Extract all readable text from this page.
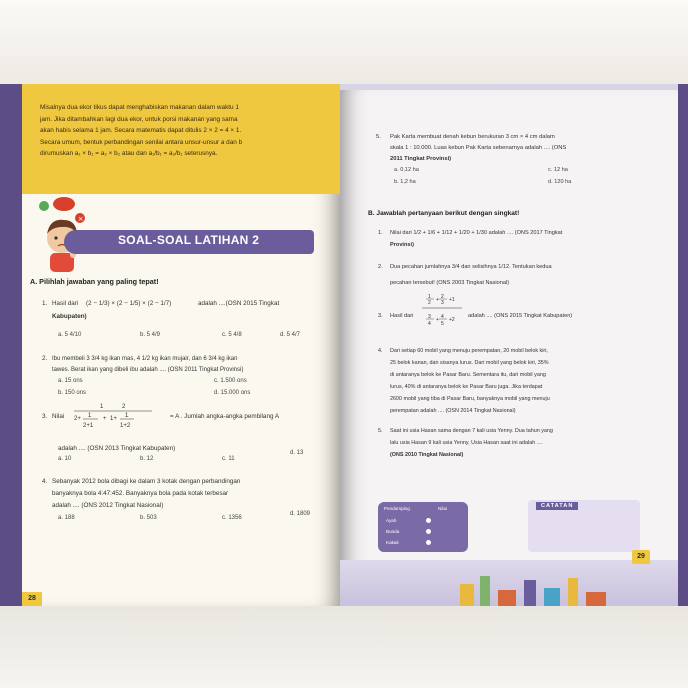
Misalnya dua ekor tikus dapat menghabiskan makanan dalam waktu 1

jam. Jika ditambahkan lagi dua ekor, untuk porsi makanan yang sama

akan habis selama 1 jam. Secara matematis dapat ditulis 2 × 2 = 4 × 1.

Secara umum, bentuk perbandingan senilai antara unsur-unsur a dan b

dirumuskan a₁ × b₁ = a₂ × b₂ atau dan a₁/b₁ = a₂/b₁ seterusnya.

×
SOAL-SOAL LATIHAN 2
A. Pilihlah jawaban yang paling tepat!
1. Hasil dari (2 − 1/3) × (2 − 1/5) × (2 − 1/7)	adalah ....(OSN 2015 Tingkat
Kabupaten)
a. 5 4/10	b. 5 4/9	c. 5 4/8	d. 5 4/7
2. Ibu membeli 3 3/4 kg ikan mas, 4 1/2 kg ikan mujair, dan 6 3/4 kg ikan
tawes. Berat ikan yang dibeli ibu adalah .... (OSN 2011 Tingkat Provinsi)
a. 15 ons	c. 1.500 ons
b. 150 ons	d. 15.000 ons
3. Nilai
1
2+ 1
2+1
+
2
1+ 1
1+2
= A . Jumlah angka-angka pembilang A
adalah .... (OSN 2013 Tingkat Kabupaten)
a. 10	b. 12	c. 11
d. 13
4. Sebanyak 2012 bola dibagi ke dalam 3 kotak dengan perbandingan
banyaknya bola 4:47:452. Banyaknya bola pada kotak terbesar
adalah .... (ONS 2012 Tingkat Nasional)
a. 188	b. 503	c. 1356
d. 1809
28
5. Pak Karta membuat denah kebun berukuran 3 cm × 4 cm dalam
skala 1 : 10.000. Luas kebun Pak Karta sebenarnya adalah .... (ONS
2011 Tingkat Provinsi)
a. 0,12 ha	c. 12 ha
b. 1,2 ha	d. 120 ha
B. Jawablah pertanyaan berikut dengan singkat!
1. Nilai dari 1/2 + 1/6 + 1/12 + 1/20 + 1/30 adalah .... (ONS 2017 Tingkat
Provinsi)
2. Dua pecahan jumlahnya 3/4 dan selisihnya 1/12. Tentukan kedua
pecahan tersebut! (ONS 2003 Tingkat Nasional)
3. Hasil dari
1
2 + 2
3 +1
3
4
+ 4
5
+2
adalah .... (ONS 2015 Tingkat Kabupaten)
4. Dari setiap 60 mobil yang menuju perempatan, 20 mobil belok kiri,
25 belok kanan, dan sisanya lurus. Dari mobil yang belok kiri, 35%
di antaranya belok ke Pasar Baru. Sementara itu, dari mobil yang
lurus, 40% di antaranya belok ke Pasar Baru juga. Jika terdapat
2600 mobil yang tiba di Pasar Baru, banyaknya mobil yang menuju
perempatan adalah .... (OSN 2014 Tingkat Nasional)
5. Saat ini usia Hasan sama dengan 7 kali usia Yenny. Dua tahun yang
lalu usia Hasan 9 kali usia Yenny. Usia Hasan saat ini adalah ....
(ONS 2010 Tingkat Nasional)
Pendamping	Nilai
Ayah
Bunda
Kakak
CATATAN
29
